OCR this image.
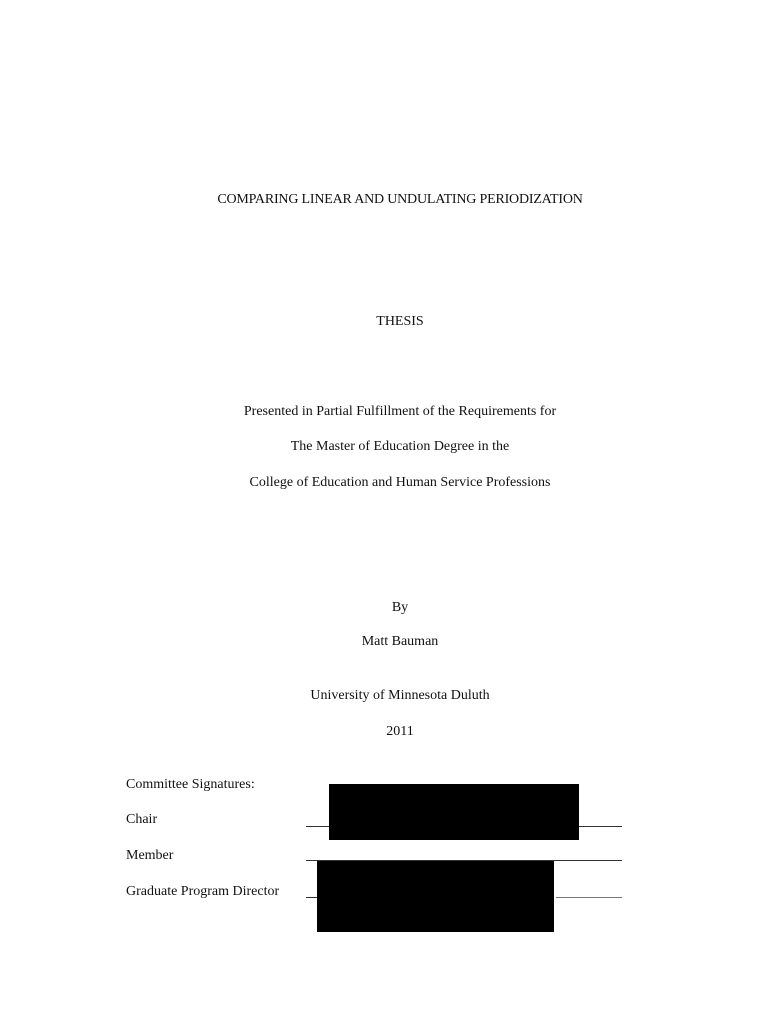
COMPARING LINEAR AND UNDULATING PERIODIZATION
THESIS
Presented in Partial Fulfillment of the Requirements for
The Master of Education Degree in the
College of Education and Human Service Professions
By
Matt Bauman
University of Minnesota Duluth
2011
Committee Signatures:
Chair
Member
Graduate Program Director
